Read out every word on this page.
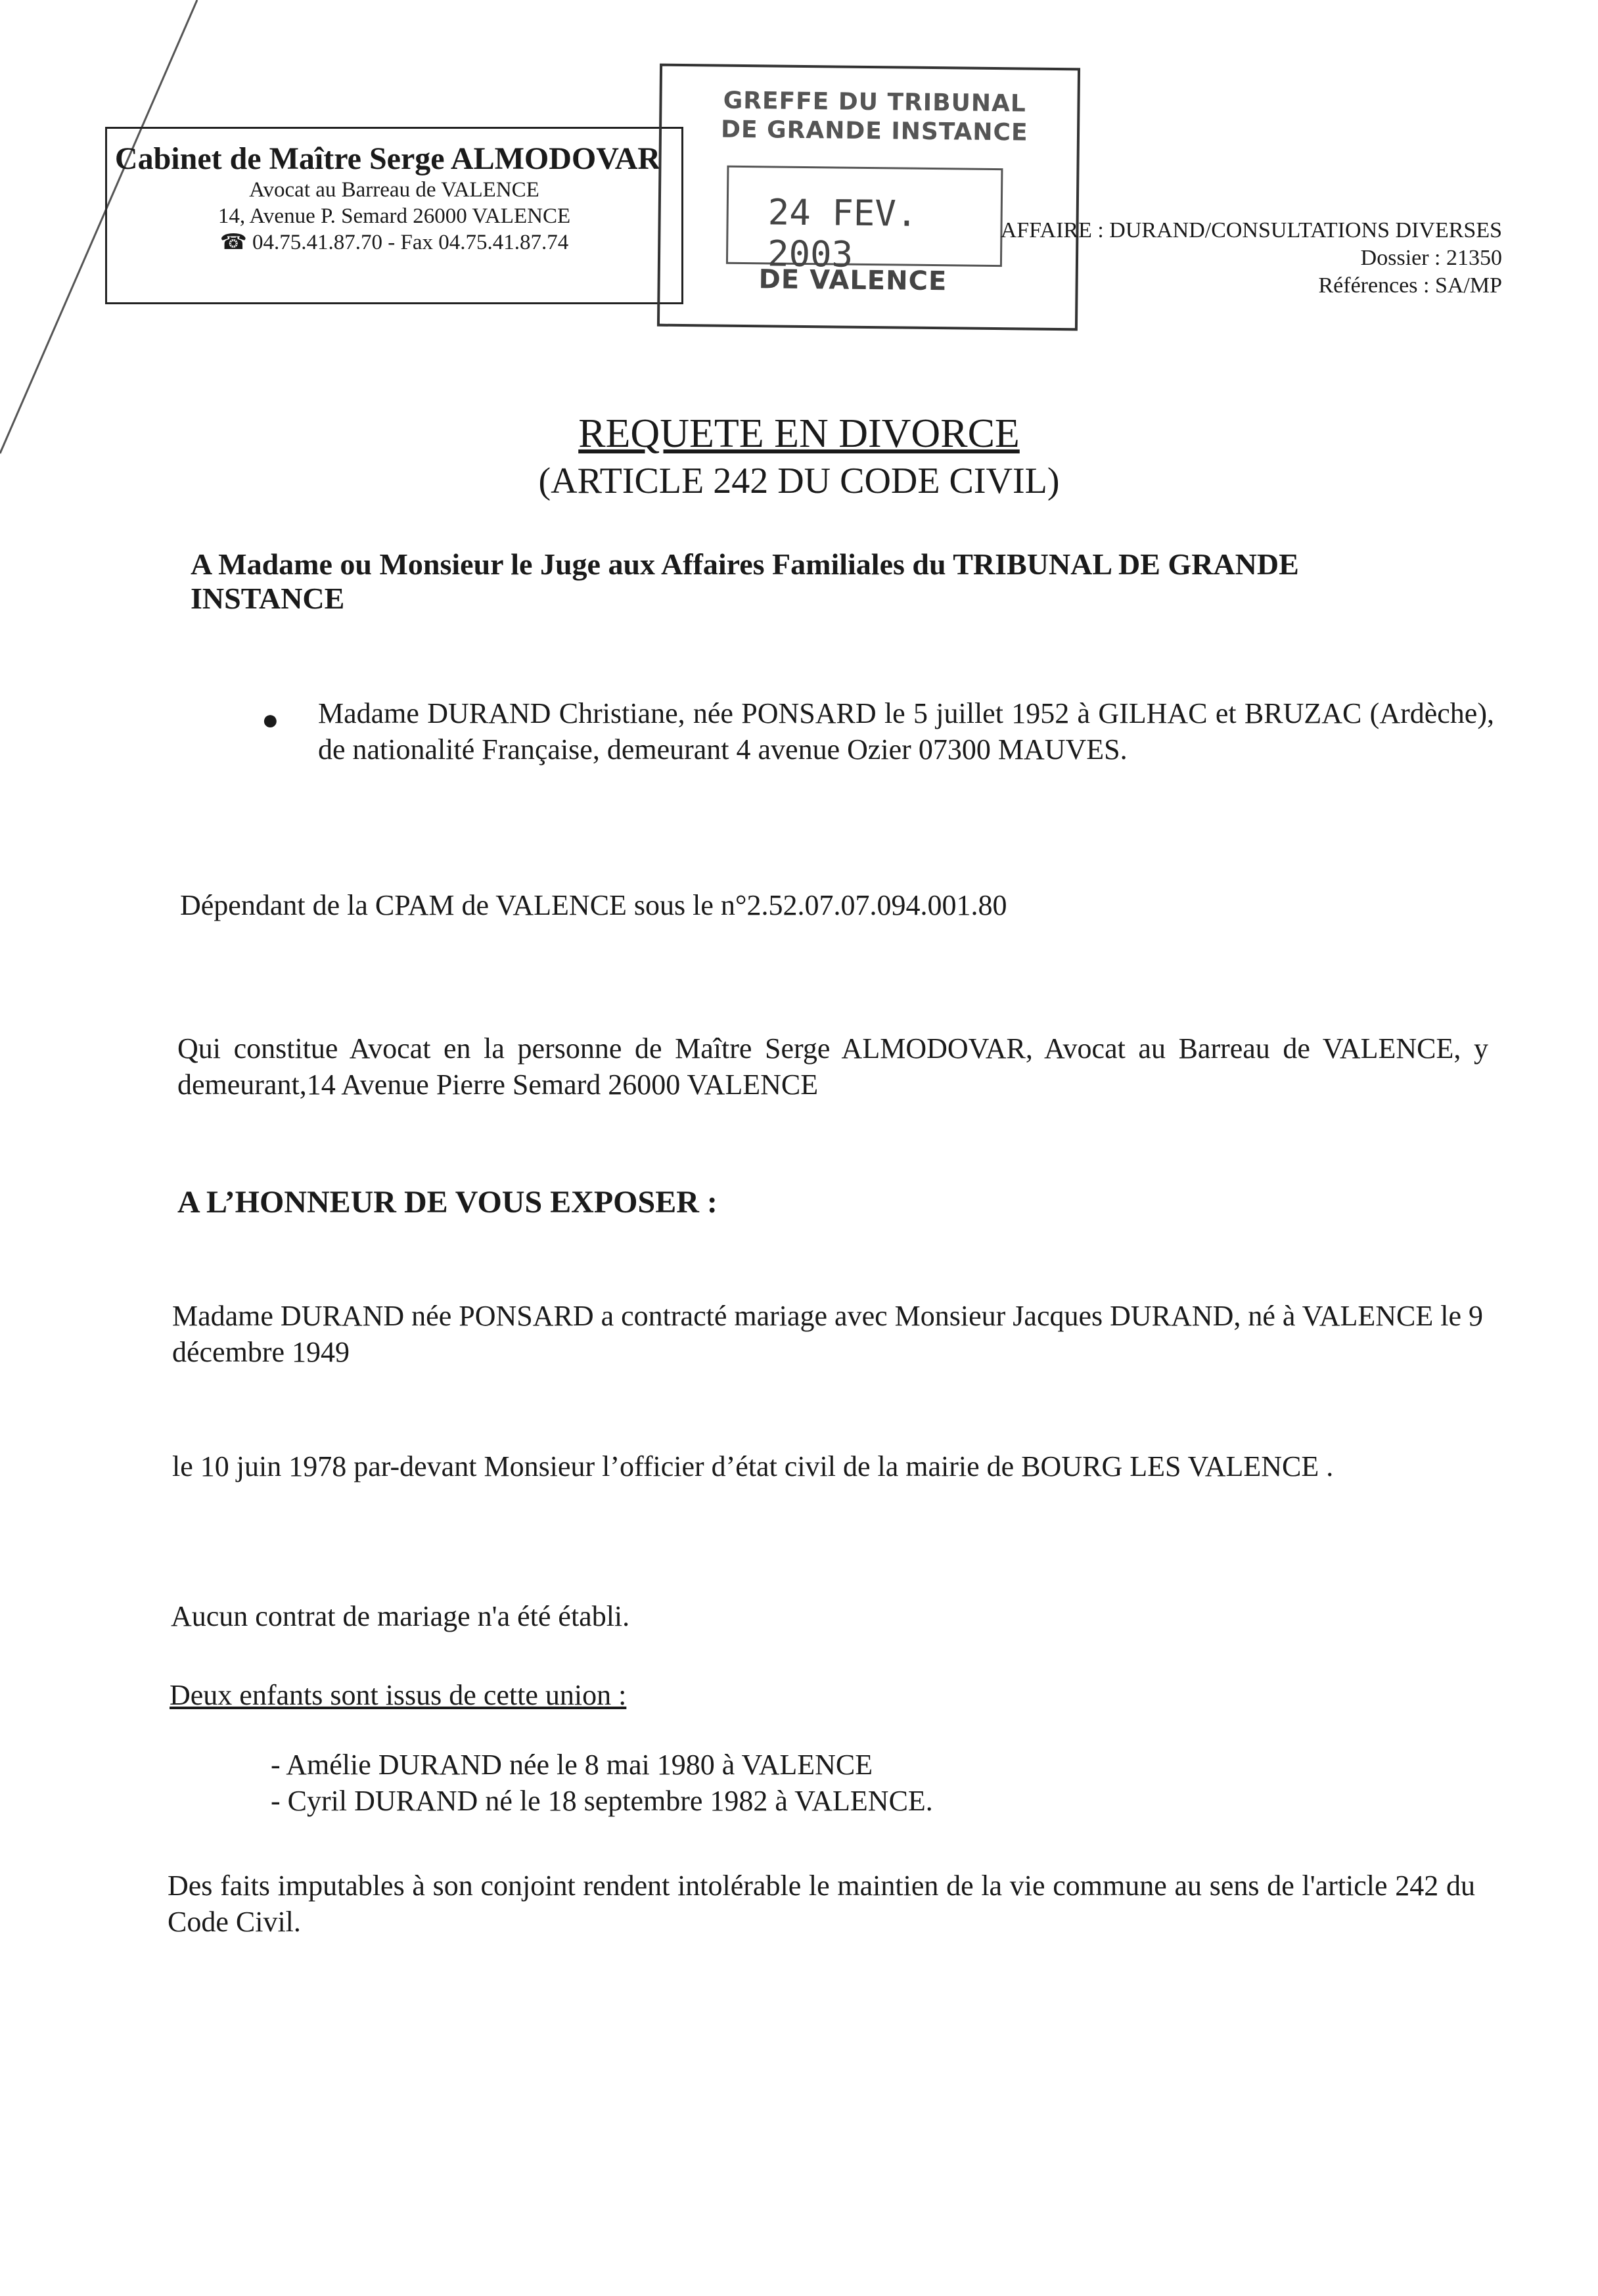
Cabinet de Maître Serge ALMODOVAR
Avocat au Barreau de VALENCE
14, Avenue P. Semard 26000 VALENCE
☎ 04.75.41.87.70 - Fax 04.75.41.87.74
GREFFE DU TRIBUNAL
DE GRANDE INSTANCE
24 FEV. 2003
DE VALENCE
AFFAIRE : DURAND/CONSULTATIONS DIVERSES
Dossier : 21350
Références : SA/MP
REQUETE EN DIVORCE
(ARTICLE 242 DU CODE CIVIL)
A Madame ou Monsieur le Juge aux Affaires Familiales du TRIBUNAL DE GRANDE INSTANCE
● Madame DURAND Christiane, née PONSARD le 5 juillet 1952 à GILHAC et BRUZAC (Ardèche), de nationalité Française, demeurant 4 avenue Ozier 07300 MAUVES.
Dépendant de la CPAM de VALENCE sous le n°2.52.07.07.094.001.80
Qui constitue Avocat en la personne de Maître Serge ALMODOVAR, Avocat au Barreau de VALENCE, y demeurant,14 Avenue Pierre Semard 26000 VALENCE
A L’HONNEUR DE VOUS EXPOSER :
Madame DURAND née PONSARD a contracté mariage avec Monsieur Jacques DURAND, né à VALENCE le 9 décembre 1949
le 10 juin 1978 par-devant Monsieur l’officier d’état civil de la mairie de BOURG LES VALENCE .
Aucun contrat de mariage n'a été établi.
Deux enfants sont issus de cette union :
- Amélie DURAND née le 8 mai 1980 à VALENCE
- Cyril DURAND né le 18 septembre 1982 à VALENCE.
Des faits imputables à son conjoint rendent intolérable le maintien de la vie commune au sens de l'article 242 du Code Civil.
